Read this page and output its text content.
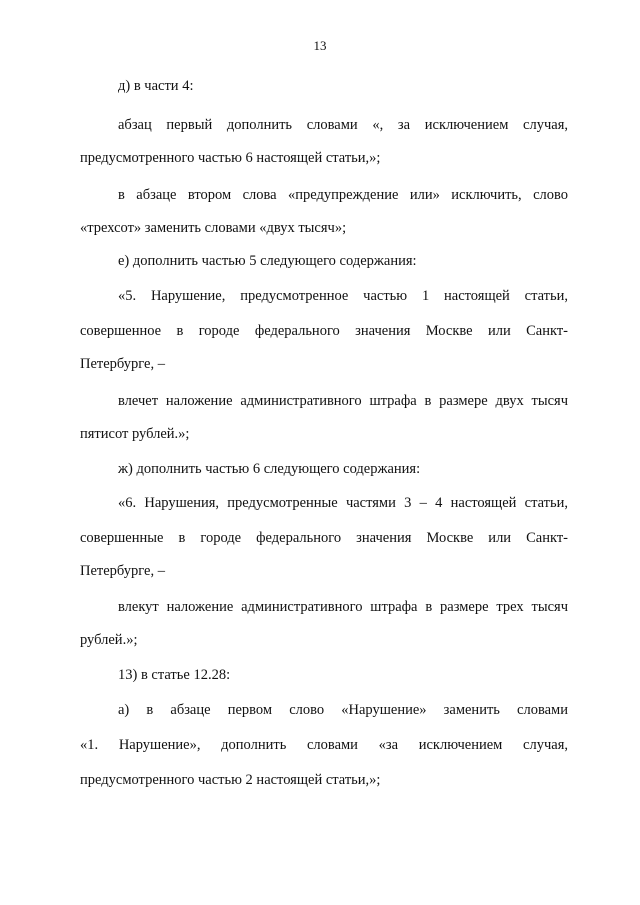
13
д) в части 4:
абзац первый дополнить словами «, за исключением случая,
предусмотренного частью 6 настоящей статьи,»;
в абзаце втором слова «предупреждение или» исключить, слово
«трехсот» заменить словами «двух тысяч»;
е) дополнить частью 5 следующего содержания:
«5. Нарушение, предусмотренное частью 1 настоящей статьи,
совершенное в городе федерального значения Москве или Санкт-
Петербурге, –
влечет наложение административного штрафа в размере двух тысяч
пятисот рублей.»;
ж) дополнить частью 6 следующего содержания:
«6. Нарушения, предусмотренные частями 3 – 4 настоящей статьи,
совершенные в городе федерального значения Москве или Санкт-
Петербурге, –
влекут наложение административного штрафа в размере трех тысяч
рублей.»;
13) в статье 12.28:
а) в абзаце первом слово «Нарушение» заменить словами
«1. Нарушение», дополнить словами «за исключением случая,
предусмотренного частью 2 настоящей статьи,»;
